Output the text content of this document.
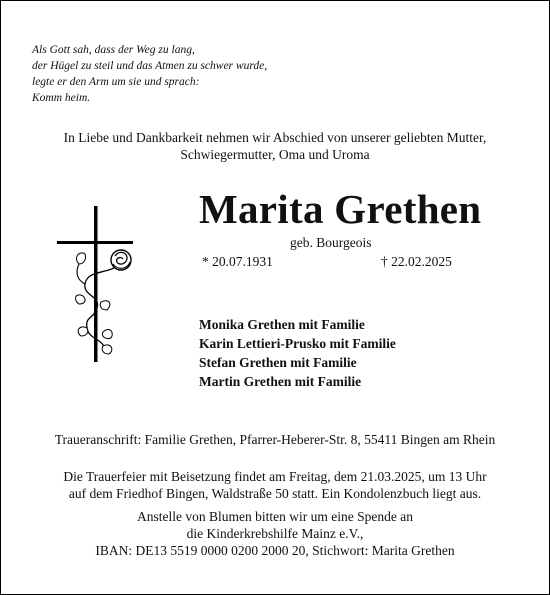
Als Gott sah, dass der Weg zu lang,
der Hügel zu steil und das Atmen zu schwer wurde,
legte er den Arm um sie und sprach:
Komm heim.
In Liebe und Dankbarkeit nehmen wir Abschied von unserer geliebten Mutter,
Schwiegermutter, Oma und Uroma
Marita Grethen
geb. Bourgeois
* 20.07.1931	† 22.02.2025
Monika Grethen mit Familie
Karin Lettieri-Prusko mit Familie
Stefan Grethen mit Familie
Martin Grethen mit Familie
Traueranschrift: Familie Grethen, Pfarrer-Heberer-Str. 8, 55411 Bingen am Rhein
Die Trauerfeier mit Beisetzung findet am Freitag, dem 21.03.2025, um 13 Uhr
auf dem Friedhof Bingen, Waldstraße 50 statt. Ein Kondolenzbuch liegt aus.
Anstelle von Blumen bitten wir um eine Spende an
die Kinderkrebshilfe Mainz e.V.,
IBAN: DE13 5519 0000 0200 2000 20, Stichwort: Marita Grethen
